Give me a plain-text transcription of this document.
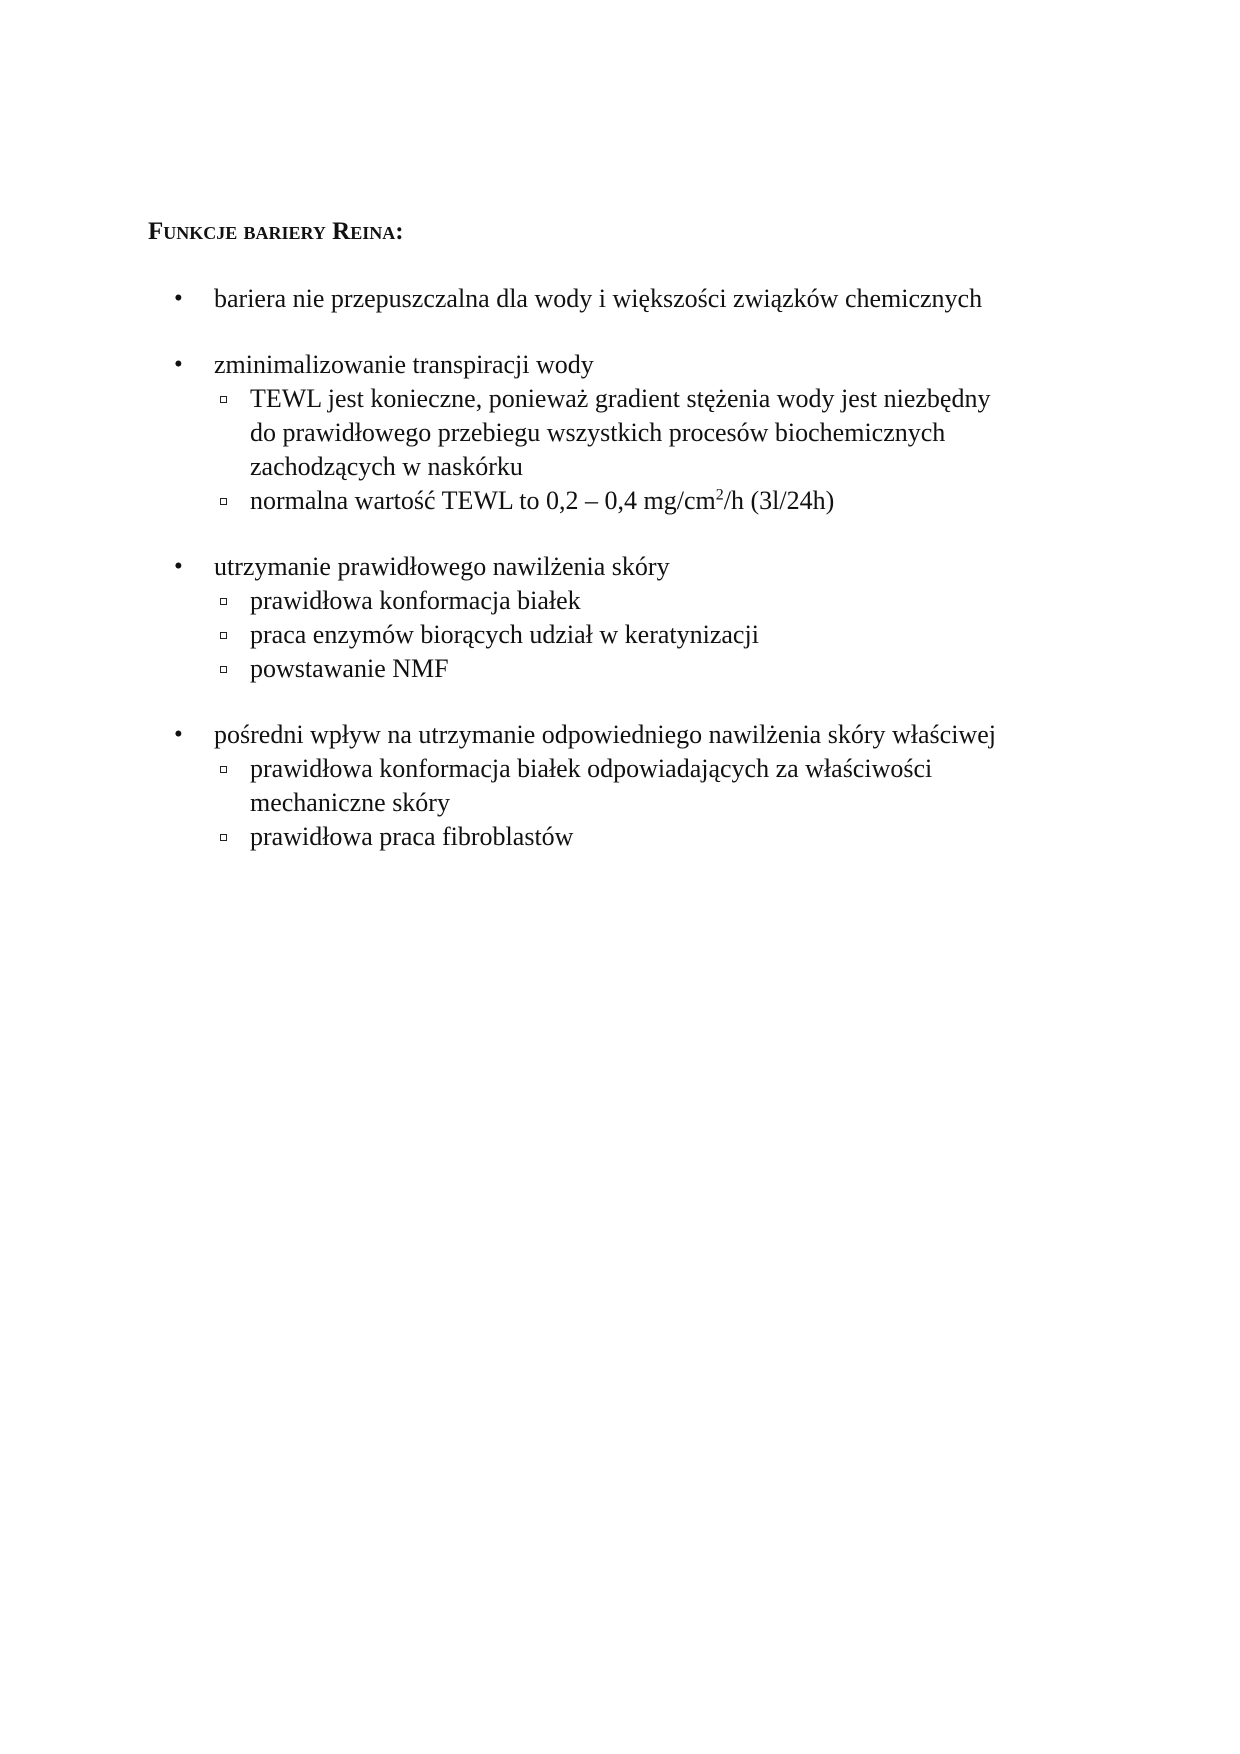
Funkcje bariery Reina:
• bariera nie przepuszczalna dla wody i większości związków chemicznych
• zminimalizowanie transpiracji wody
TEWL jest konieczne, ponieważ gradient stężenia wody jest niezbędny
do prawidłowego przebiegu wszystkich procesów biochemicznych
zachodzących w naskórku
normalna wartość TEWL to 0,2 – 0,4 $mg/cm^2/h$ (3l/24h)
• utrzymanie prawidłowego nawilżenia skóry
prawidłowa konformacja białek
praca enzymów biorących udział w keratynizacji
powstawanie NMF
• pośredni wpływ na utrzymanie odpowiedniego nawilżenia skóry właściwej
prawidłowa konformacja białek odpowiadających za właściwości
mechaniczne skóry
prawidłowa praca fibroblastów
